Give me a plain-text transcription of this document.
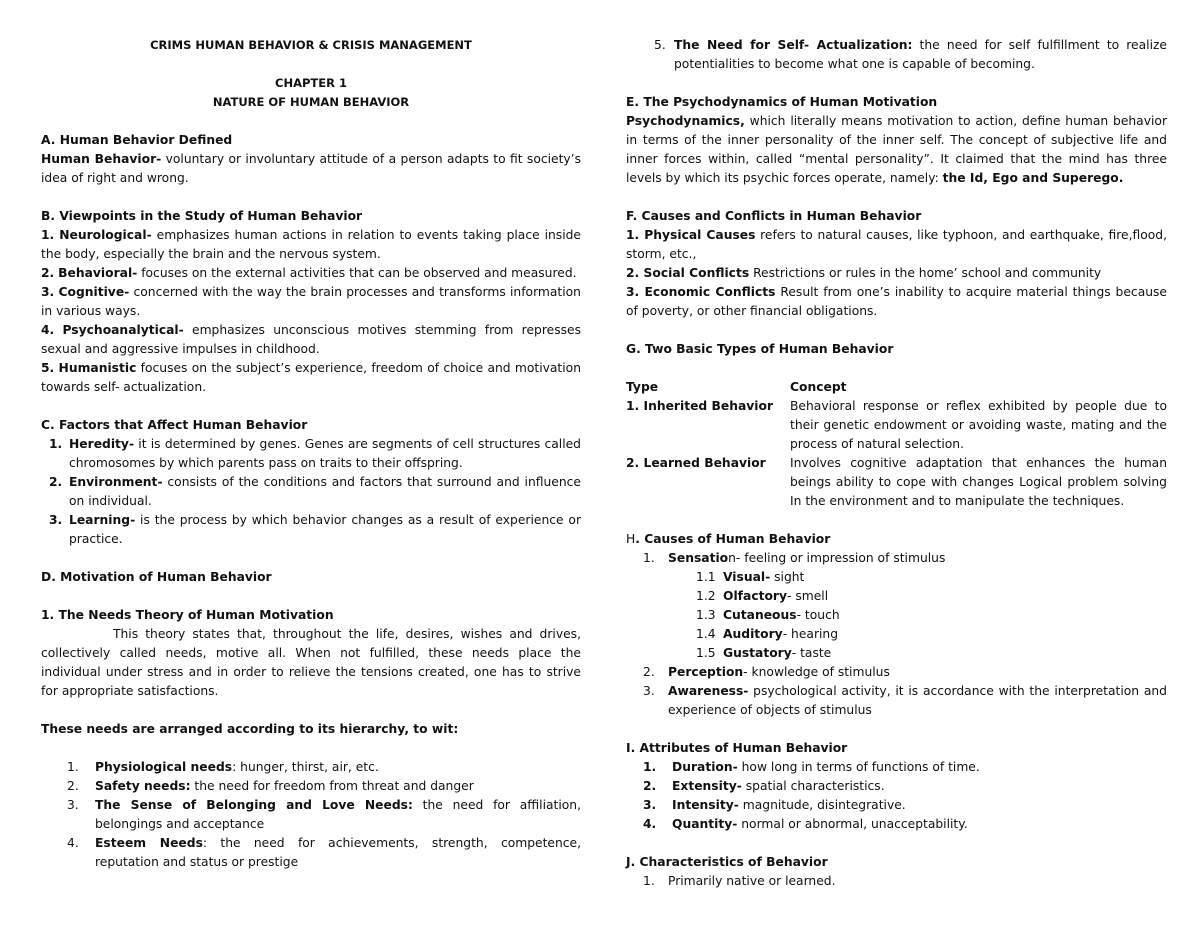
CRIMS HUMAN BEHAVIOR & CRISIS MANAGEMENT

CHAPTER 1

NATURE OF HUMAN BEHAVIOR

A. Human Behavior Defined

Human Behavior- voluntary or involuntary attitude of a person adapts to fit society’s idea of right and wrong.

B. Viewpoints in the Study of Human Behavior

1. Neurological- emphasizes human actions in relation to events taking place inside the body, especially the brain and the nervous system.

2. Behavioral- focuses on the external activities that can be observed and measured.

3. Cognitive- concerned with the way the brain processes and transforms information in various ways.

4. Psychoanalytical- emphasizes unconscious motives stemming from represses sexual and aggressive impulses in childhood.

5. Humanistic focuses on the subject’s experience, freedom of choice and motivation towards self- actualization.

C. Factors that Affect Human Behavior

1. Heredity- it is determined by genes. Genes are segments of cell structures called chromosomes by which parents pass on traits to their offspring.
2. Environment- consists of the conditions and factors that surround and influence on individual.
3. Learning- is the process by which behavior changes as a result of experience or practice.

D. Motivation of Human Behavior

1. The Needs Theory of Human Motivation

This theory states that, throughout the life, desires, wishes and drives, collectively called needs, motive all. When not fulfilled, these needs place the individual under stress and in order to relieve the tensions created, one has to strive for appropriate satisfactions.

These needs are arranged according to its hierarchy, to wit:

1. Physiological needs: hunger, thirst, air, etc.
2. Safety needs: the need for freedom from threat and danger
3. The Sense of Belonging and Love Needs: the need for affiliation, belongings and acceptance
4. Esteem Needs: the need for achievements, strength, competence, reputation and status or prestige
5. The Need for Self- Actualization: the need for self fulfillment to realize potentialities to become what one is capable of becoming.

E. The Psychodynamics of Human Motivation

Psychodynamics, which literally means motivation to action, define human behavior in terms of the inner personality of the inner self. The concept of subjective life and inner forces within, called “mental personality”. It claimed that the mind has three levels by which its psychic forces operate, namely: the Id, Ego and Superego.

F. Causes and Conflicts in Human Behavior

1. Physical Causes refers to natural causes, like typhoon, and earthquake, fire,flood, storm, etc.,

2. Social Conflicts Restrictions or rules in the home’ school and community

3. Economic Conflicts Result from one’s inability to acquire material things because of poverty, or other financial obligations.

G. Two Basic Types of Human Behavior

Type	Concept
1. Inherited Behavior	Behavioral response or reflex exhibited by people due to their genetic endowment or avoiding waste, mating and the process of natural selection.
2. Learned Behavior	Involves cognitive adaptation that enhances the human beings ability to cope with changes Logical problem solving In the environment and to manipulate the techniques.

H. Causes of Human Behavior

1. Sensation- feeling or impression of stimulus
1.1 Visual- sight
1.2 Olfactory- smell
1.3 Cutaneous- touch
1.4 Auditory- hearing
1.5 Gustatory- taste
2. Perception- knowledge of stimulus
3. Awareness- psychological activity, it is accordance with the interpretation and experience of objects of stimulus

I. Attributes of Human Behavior

1. Duration- how long in terms of functions of time.
2. Extensity- spatial characteristics.
3. Intensity- magnitude, disintegrative.
4. Quantity- normal or abnormal, unacceptability.

J. Characteristics of Behavior

1. Primarily native or learned.
